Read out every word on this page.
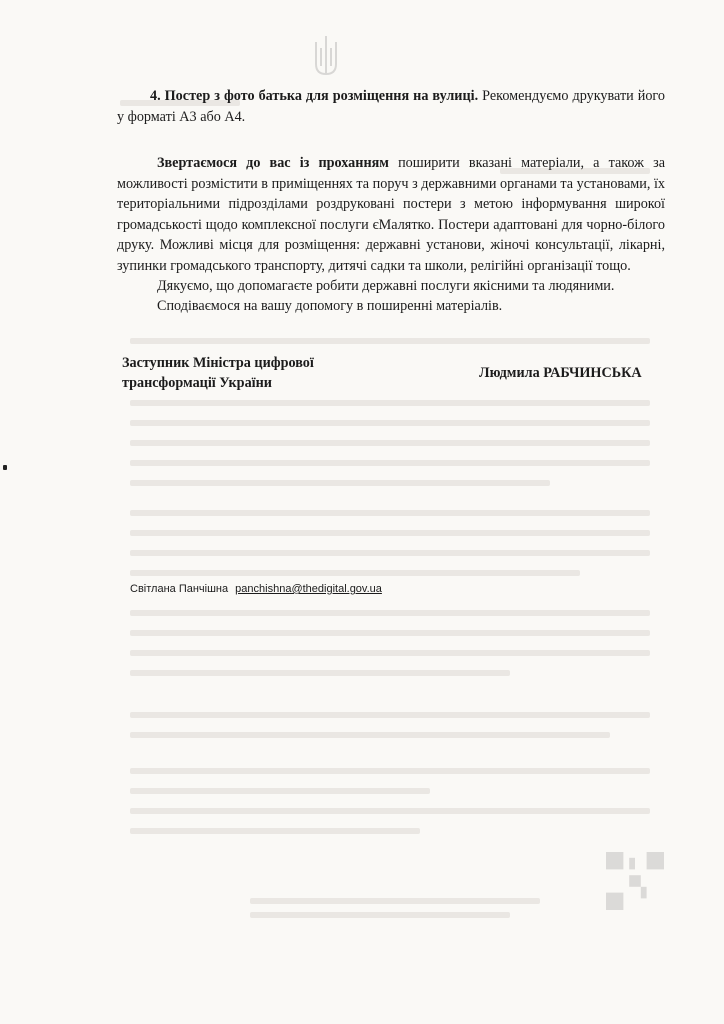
4. Постер з фото батька для розміщення на вулиці. Рекомендуємо друкувати його у форматі А3 або А4.

Звертаємося до вас із проханням поширити вказані матеріали, а також за можливості розмістити в приміщеннях та поруч з державними органами та установами, їх територіальними підрозділами роздруковані постери з метою інформування широкої громадськості щодо комплексної послуги єМалятко. Постери адаптовані для чорно-білого друку. Можливі місця для розміщення: державні установи, жіночі консультації, лікарні, зупинки громадського транспорту, дитячі садки та школи, релігійні організації тощо.

Дякуємо, що допомагаєте робити державні послуги якісними та людяними.

Сподіваємося на вашу допомогу в поширенні матеріалів.

Заступник Міністра цифрової
трансформації України
Людмила РАБЧИНСЬКА
Світлана Панчішна panchishna@thedigital.gov.ua
